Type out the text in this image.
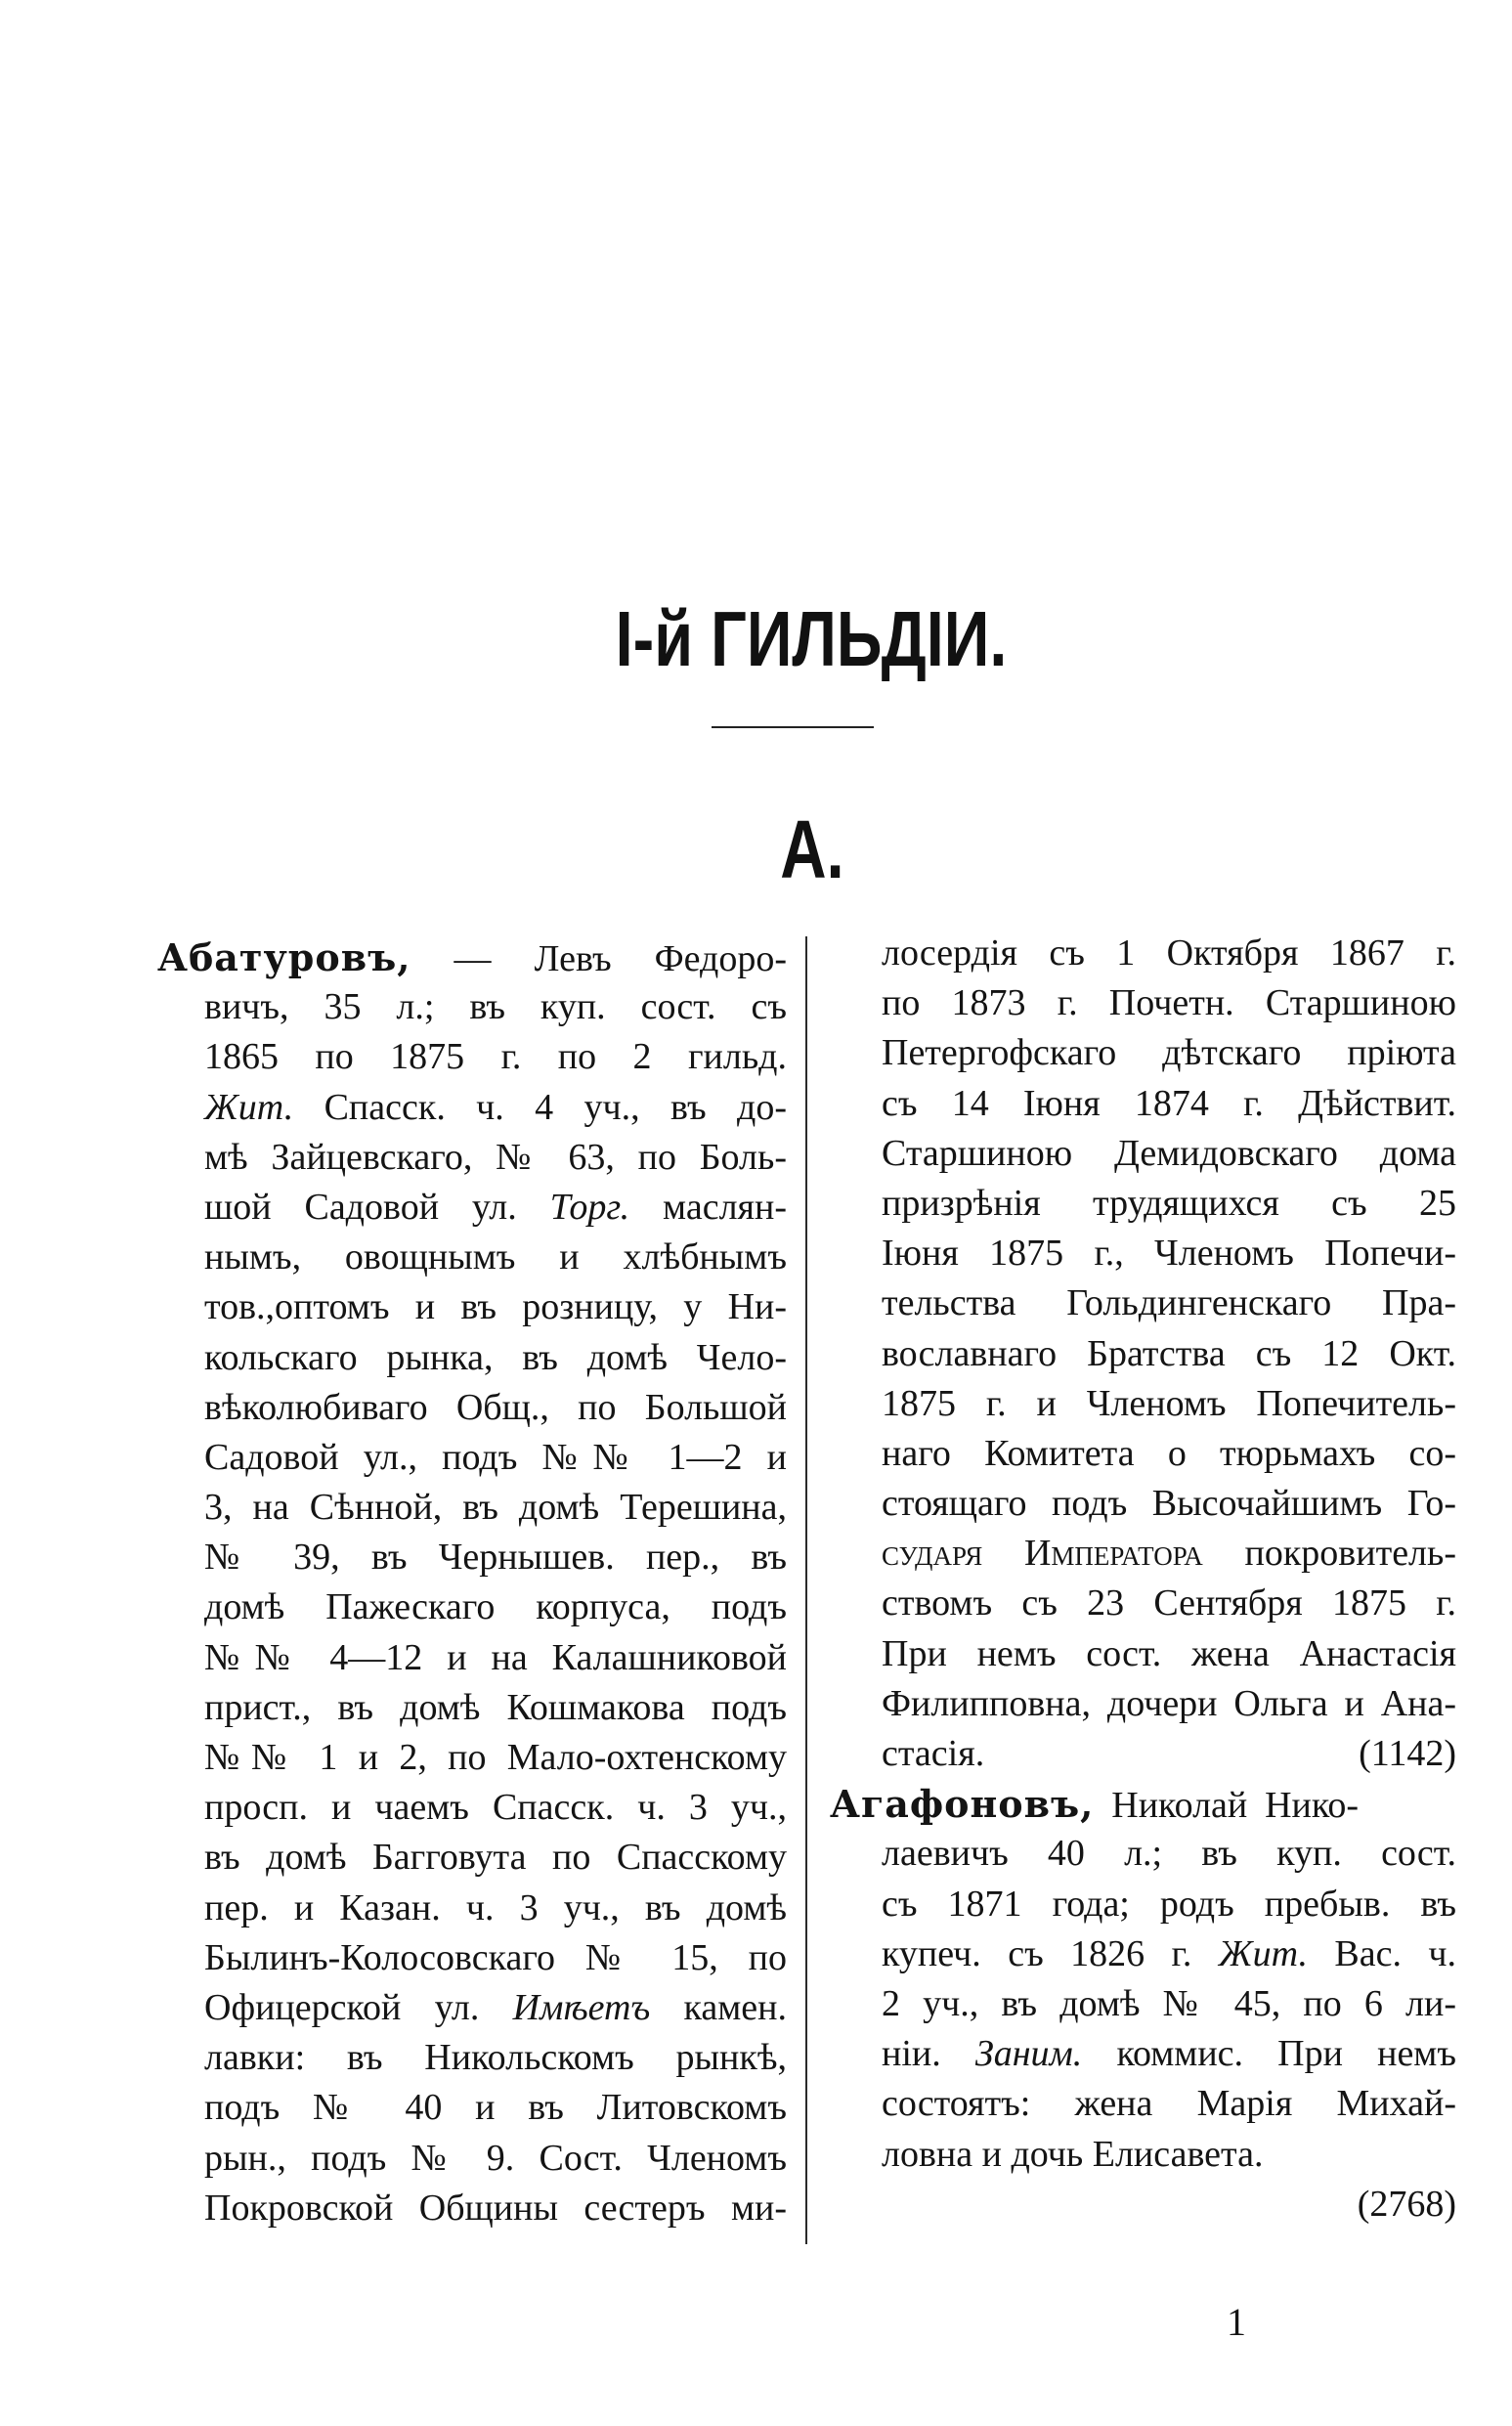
I-й ГИЛЬДІИ.
А.
Абатуровъ, — Левъ Федоро-
вичъ, 35 л.; въ куп. сост. съ
1865 по 1875 г. по 2 гильд.
Жит. Спасск. ч. 4 уч., въ до-
мѣ Зайцевскаго, № 63, по Боль-
шой Садовой ул. Торг. маслян-
нымъ, овощнымъ и хлѣбнымъ
тов.,оптомъ и въ розницу, у Ни-
кольскаго рынка, въ домѣ Чело-
вѣколюбиваго Общ., по Большой
Садовой ул., подъ №№ 1—2 и
3, на Сѣнной, въ домѣ Терешина,
№ 39, въ Чернышев. пер., въ
домѣ Пажескаго корпуса, подъ
№№ 4—12 и на Калашниковой
прист., въ домѣ Кошмакова подъ
№№ 1 и 2, по Мало-охтенскому
просп. и чаемъ Спасск. ч. 3 уч.,
въ домѣ Багговута по Спасскому
пер. и Казан. ч. 3 уч., въ домѣ
Былинъ-Колосовскаго № 15, по
Офицерской ул. Имѣетъ камен.
лавки: въ Никольскомъ рынкѣ,
подъ № 40 и въ Литовскомъ
рын., подъ № 9. Сост. Членомъ
Покровской Общины сестеръ ми-
лосердія съ 1 Октября 1867 г.
по 1873 г. Почетн. Старшиною
Петергофскаго дѣтскаго пріюта
съ 14 Іюня 1874 г. Дѣйствит.
Старшиною Демидовскаго дома
призрѣнія трудящихся съ 25
Іюня 1875 г., Членомъ Попечи-
тельства Гольдингенскаго Пра-
вославнаго Братства съ 12 Окт.
1875 г. и Членомъ Попечитель-
наго Комитета о тюрьмахъ со-
стоящаго подъ Высочайшимъ Го-
сударя Императора покровитель-
ствомъ съ 23 Сентября 1875 г.
При немъ сост. жена Анастасія
Филипповна, дочери Ольга и Ана-
стасія.	(1142)
Агафоновъ, Николай Нико-
лаевичъ 40 л.; въ куп. сост.
съ 1871 года; родъ пребыв. въ
купеч. съ 1826 г. Жит. Вас. ч.
2 уч., въ домѣ № 45, по 6 ли-
ніи. Заним. коммис. При немъ
состоятъ: жена Марія Михай-
ловна и дочь Елисавета.
(2768)
1
